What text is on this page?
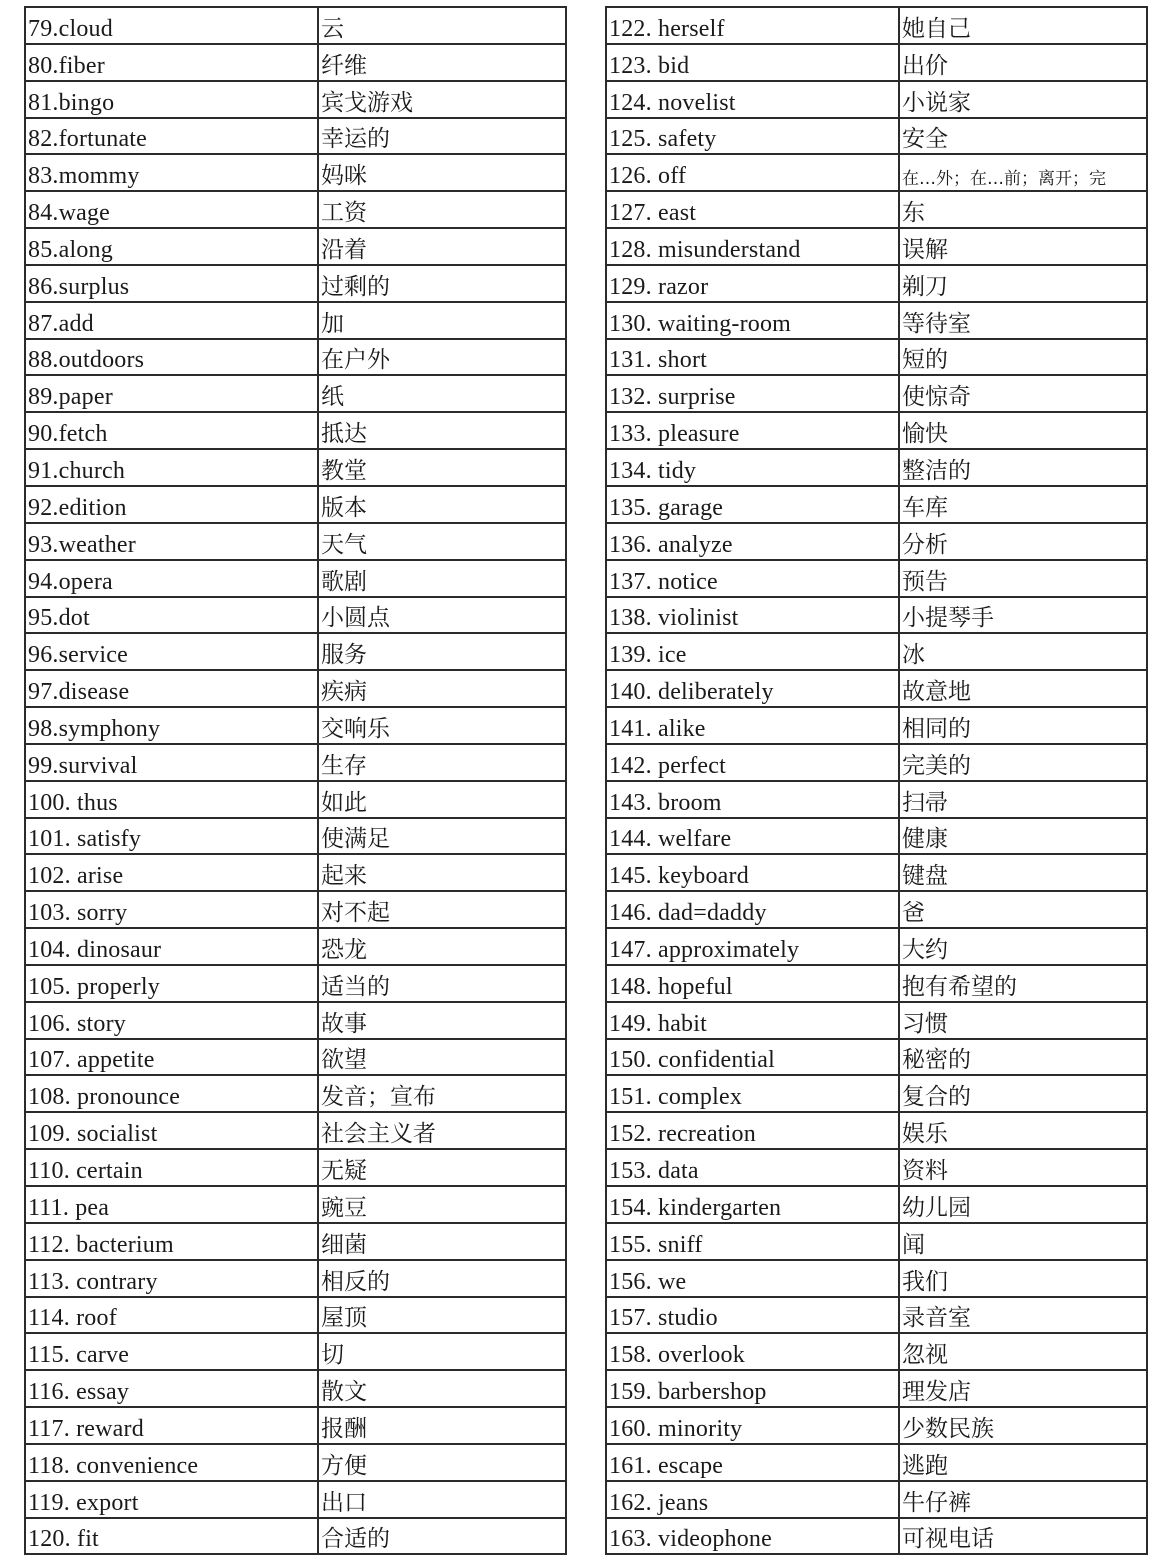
79.cloud	云
80.fiber	纤维
81.bingo	宾戈游戏
82.fortunate	幸运的
83.mommy	妈咪
84.wage	工资
85.along	沿着
86.surplus	过剩的
87.add	加
88.outdoors	在户外
89.paper	纸
90.fetch	抵达
91.church	教堂
92.edition	版本
93.weather	天气
94.opera	歌剧
95.dot	小圆点
96.service	服务
97.disease	疾病
98.symphony	交响乐
99.survival	生存
100. thus	如此
101. satisfy	使满足
102. arise	起来
103. sorry	对不起
104. dinosaur	恐龙
105. properly	适当的
106. story	故事
107. appetite	欲望
108. pronounce	发音；宣布
109. socialist	社会主义者
110. certain	无疑
111. pea	豌豆
112. bacterium	细菌
113. contrary	相反的
114. roof	屋顶
115. carve	切
116. essay	散文
117. reward	报酬
118. convenience	方便
119. export	出口
120. fit	合适的
122. herself	她自己
123. bid	出价
124. novelist	小说家
125. safety	安全
126. off	在…外；在…前；离开；完
127. east	东
128. misunderstand	误解
129. razor	剃刀
130. waiting-room	等待室
131. short	短的
132. surprise	使惊奇
133. pleasure	愉快
134. tidy	整洁的
135. garage	车库
136. analyze	分析
137. notice	预告
138. violinist	小提琴手
139. ice	冰
140. deliberately	故意地
141. alike	相同的
142. perfect	完美的
143. broom	扫帚
144. welfare	健康
145. keyboard	键盘
146. dad=daddy	爸
147. approximately	大约
148. hopeful	抱有希望的
149. habit	习惯
150. confidential	秘密的
151. complex	复合的
152. recreation	娱乐
153. data	资料
154. kindergarten	幼儿园
155. sniff	闻
156. we	我们
157. studio	录音室
158. overlook	忽视
159. barbershop	理发店
160. minority	少数民族
161. escape	逃跑
162. jeans	牛仔裤
163. videophone	可视电话
